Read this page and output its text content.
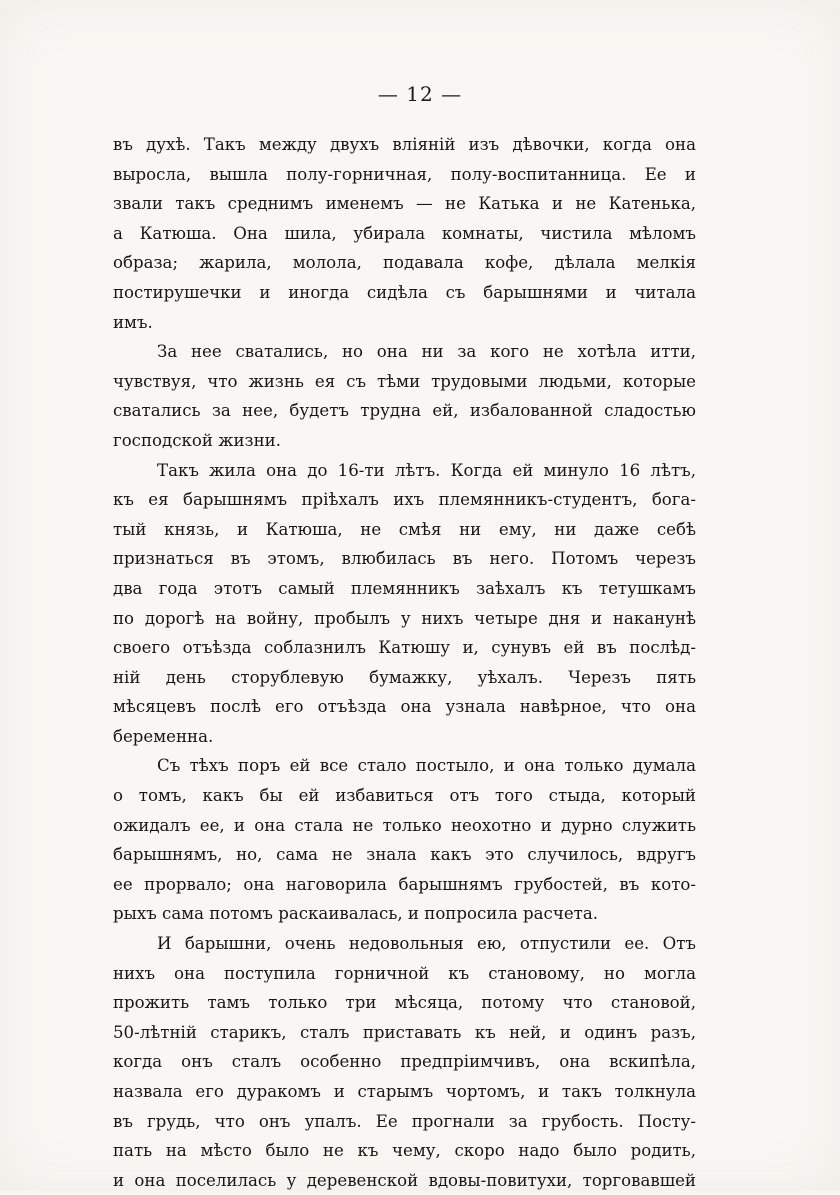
— 12 —
въ духѣ. Такъ между двухъ вліяній изъ дѣвочки, когда она
выросла, вышла полу-горничная, полу-воспитанница. Ее и
звали такъ среднимъ именемъ — не Катька и не Катенька,
а Катюша. Она шила, убирала комнаты, чистила мѣломъ
образа; жарила, молола, подавала кофе, дѣлала мелкія
постирушечки и иногда сидѣла съ барышнями и читала
имъ.
За нее сватались, но она ни за кого не хотѣла итти,
чувствуя, что жизнь ея съ тѣми трудовыми людьми, которые
сватались за нее, будетъ трудна ей, избалованной сладостью
господской жизни.
Такъ жила она до 16-ти лѣтъ. Когда ей минуло 16 лѣтъ,
къ ея барышнямъ пріѣхалъ ихъ племянникъ-студентъ, бога-
тый князь, и Катюша, не смѣя ни ему, ни даже себѣ
признаться въ этомъ, влюбилась въ него. Потомъ черезъ
два года этотъ самый племянникъ заѣхалъ къ тетушкамъ
по дорогѣ на войну, пробылъ у нихъ четыре дня и наканунѣ
своего отъѣзда соблазнилъ Катюшу и, сунувъ ей въ послѣд-
ній день сторублевую бумажку, уѣхалъ. Черезъ пять
мѣсяцевъ послѣ его отъѣзда она узнала навѣрное, что она
беременна.
Съ тѣхъ поръ ей все стало постыло, и она только думала
о томъ, какъ бы ей избавиться отъ того стыда, который
ожидалъ ее, и она стала не только неохотно и дурно служить
барышнямъ, но, сама не знала какъ это случилось, вдругъ
ее прорвало; она наговорила барышнямъ грубостей, въ кото-
рыхъ сама потомъ раскаивалась, и попросила расчета.
И барышни, очень недовольныя ею, отпустили ее. Отъ
нихъ она поступила горничной къ становому, но могла
прожить тамъ только три мѣсяца, потому что становой,
50-лѣтній старикъ, сталъ приставать къ ней, и одинъ разъ,
когда онъ сталъ особенно предпріимчивъ, она вскипѣла,
назвала его дуракомъ и старымъ чортомъ, и такъ толкнула
въ грудь, что онъ упалъ. Ее прогнали за грубость. Посту-
пать на мѣсто было не къ чему, скоро надо было родить,
и она поселилась у деревенской вдовы-повитухи, торговавшей
